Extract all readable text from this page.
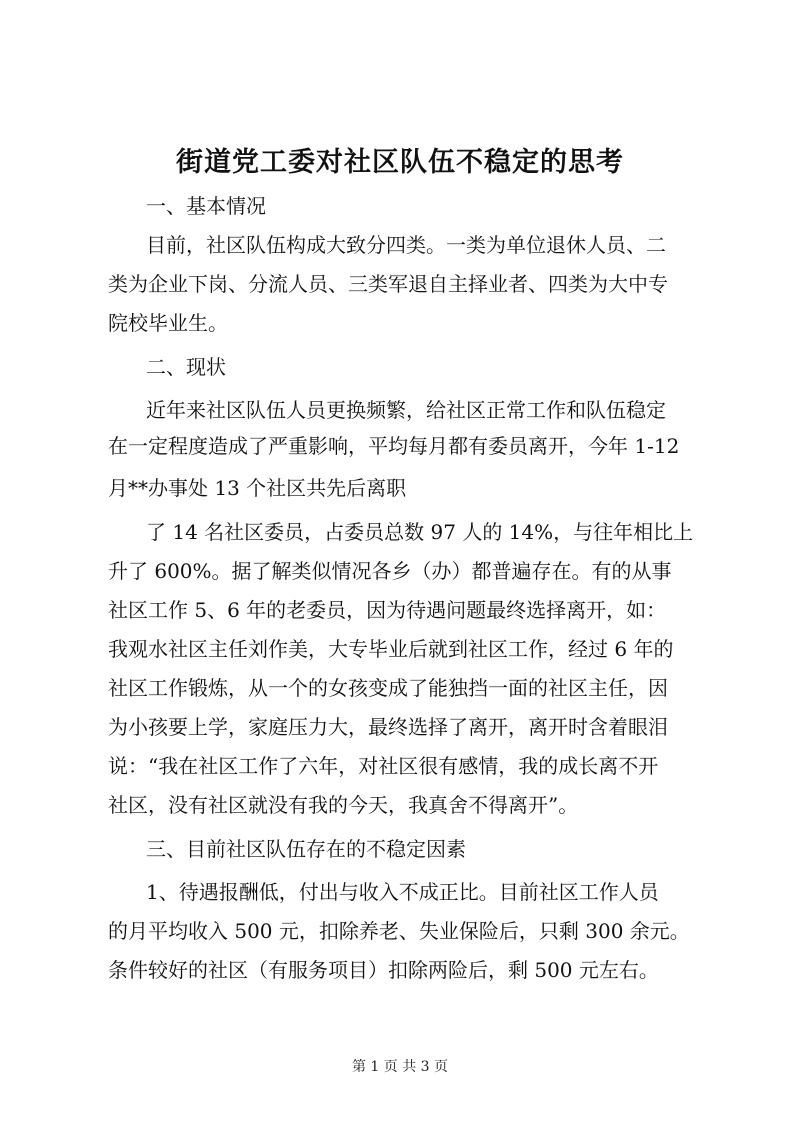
街道党工委对社区队伍不稳定的思考
一、基本情况
目前，社区队伍构成大致分四类。一类为单位退休人员、二
类为企业下岗、分流人员、三类军退自主择业者、四类为大中专
院校毕业生。
二、现状
近年来社区队伍人员更换频繁，给社区正常工作和队伍稳定
在一定程度造成了严重影响，平均每月都有委员离开，今年 1-12
月**办事处 13 个社区共先后离职
了 14 名社区委员，占委员总数 97 人的 14%，与往年相比上
升了 600%。据了解类似情况各乡（办）都普遍存在。有的从事
社区工作 5、6 年的老委员，因为待遇问题最终选择离开，如：
我观水社区主任刘作美，大专毕业后就到社区工作，经过 6 年的
社区工作锻炼，从一个的女孩变成了能独挡一面的社区主任，因
为小孩要上学，家庭压力大，最终选择了离开，离开时含着眼泪
说：“我在社区工作了六年，对社区很有感情，我的成长离不开
社区，没有社区就没有我的今天，我真舍不得离开”。
三、目前社区队伍存在的不稳定因素
1、待遇报酬低，付出与收入不成正比。目前社区工作人员
的月平均收入 500 元，扣除养老、失业保险后，只剩 300 余元。
条件较好的社区（有服务项目）扣除两险后，剩 500 元左右。
第 1 页 共 3 页
